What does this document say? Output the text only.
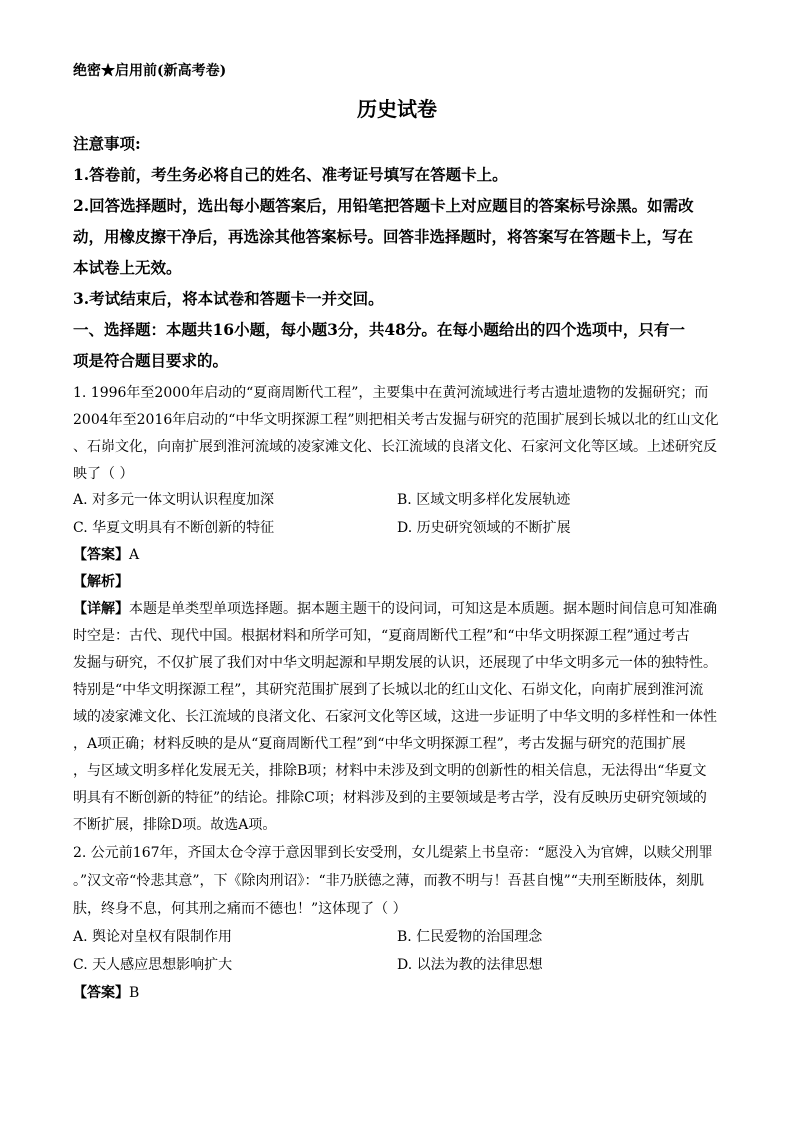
绝密★启用前(新高考卷)
历史试卷
注意事项:
1.答卷前，考生务必将自己的姓名、准考证号填写在答题卡上。
2.回答选择题时，选出每小题答案后，用铅笔把答题卡上对应题目的答案标号涂黑。如需改
动，用橡皮擦干净后，再选涂其他答案标号。回答非选择题时，将答案写在答题卡上，写在
本试卷上无效。
3.考试结束后，将本试卷和答题卡一并交回。
一、选择题：本题共16小题，每小题3分，共48分。在每小题给出的四个选项中，只有一
项是符合题目要求的。
1. 1996年至2000年启动的“夏商周断代工程”，主要集中在黄河流域进行考古遗址遗物的发掘研究；而
2004年至2016年启动的“中华文明探源工程”则把相关考古发掘与研究的范围扩展到长城以北的红山文化
、石峁文化，向南扩展到淮河流域的凌家滩文化、长江流域的良渚文化、石家河文化等区域。上述研究反
映了（ ）
A. 对多元一体文明认识程度加深	B. 区域文明多样化发展轨迹
C. 华夏文明具有不断创新的特征	D. 历史研究领域的不断扩展
【答案】A
【解析】
【详解】本题是单类型单项选择题。据本题主题干的设问词，可知这是本质题。据本题时间信息可知准确
时空是：古代、现代中国。根据材料和所学可知，“夏商周断代工程”和“中华文明探源工程”通过考古
发掘与研究，不仅扩展了我们对中华文明起源和早期发展的认识，还展现了中华文明多元一体的独特性。
特别是“中华文明探源工程”，其研究范围扩展到了长城以北的红山文化、石峁文化，向南扩展到淮河流
域的凌家滩文化、长江流域的良渚文化、石家河文化等区域，这进一步证明了中华文明的多样性和一体性
，A项正确；材料反映的是从“夏商周断代工程”到“中华文明探源工程”，考古发掘与研究的范围扩展
，与区域文明多样化发展无关，排除B项；材料中未涉及到文明的创新性的相关信息，无法得出“华夏文
明具有不断创新的特征”的结论。排除C项；材料涉及到的主要领域是考古学，没有反映历史研究领域的
不断扩展，排除D项。故选A项。
2. 公元前167年，齐国太仓令淳于意因罪到长安受刑，女儿缇萦上书皇帝：“愿没入为官婢，以赎父刑罪
。”汉文帝“怜悲其意”，下《除肉刑诏》：“非乃朕德之薄，而教不明与！吾甚自愧”“夫刑至断肢体，刻肌
肤，终身不息，何其刑之痛而不德也！”这体现了（ ）
A. 舆论对皇权有限制作用	B. 仁民爱物的治国理念
C. 天人感应思想影响扩大	D. 以法为教的法律思想
【答案】B
